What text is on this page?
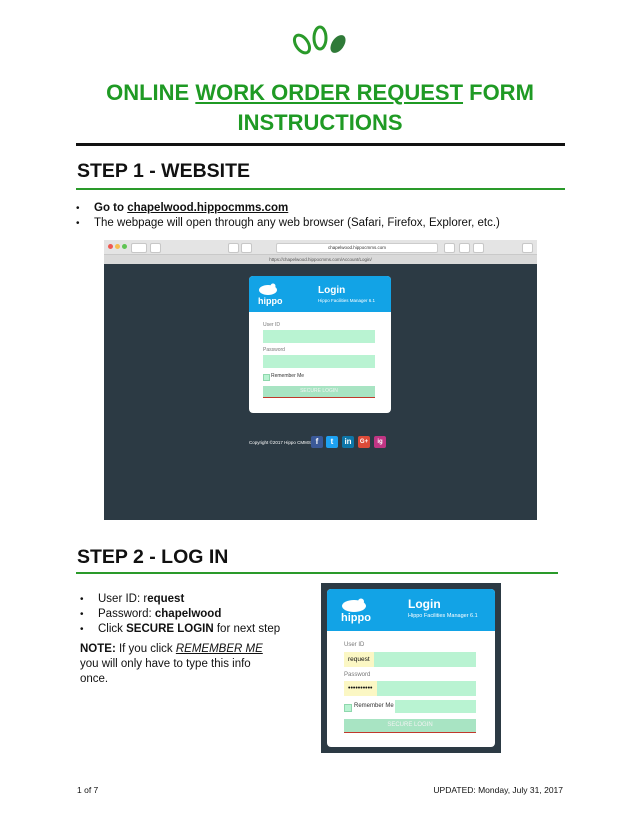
ONLINE WORK ORDER REQUEST FORM
INSTRUCTIONS
STEP 1 - WEBSITE
• Go to chapelwood.hippocmms.com
• The webpage will open through any web browser (Safari, Firefox, Explorer, etc.)
chapelwood.hippocmms.com
https://chapelwood.hippocmms.com/Account/Login/
hippo
Login
Hippo Facilities Manager 6.1
User ID
Password
Remember Me
SECURE LOGIN
Copyright ©2017 Hippo CMMS f	t	in	G+	ig
STEP 2 - LOG IN
• User ID: request
• Password: chapelwood
• Click SECURE LOGIN for next step
NOTE: If you click REMEMBER ME
you will only have to type this info
once.
hippo
Login
Hippo Facilities Manager 6.1
User ID
request
Password
••••••••••
Remember Me
SECURE LOGIN
1 of 7	UPDATED: Monday, July 31, 2017
